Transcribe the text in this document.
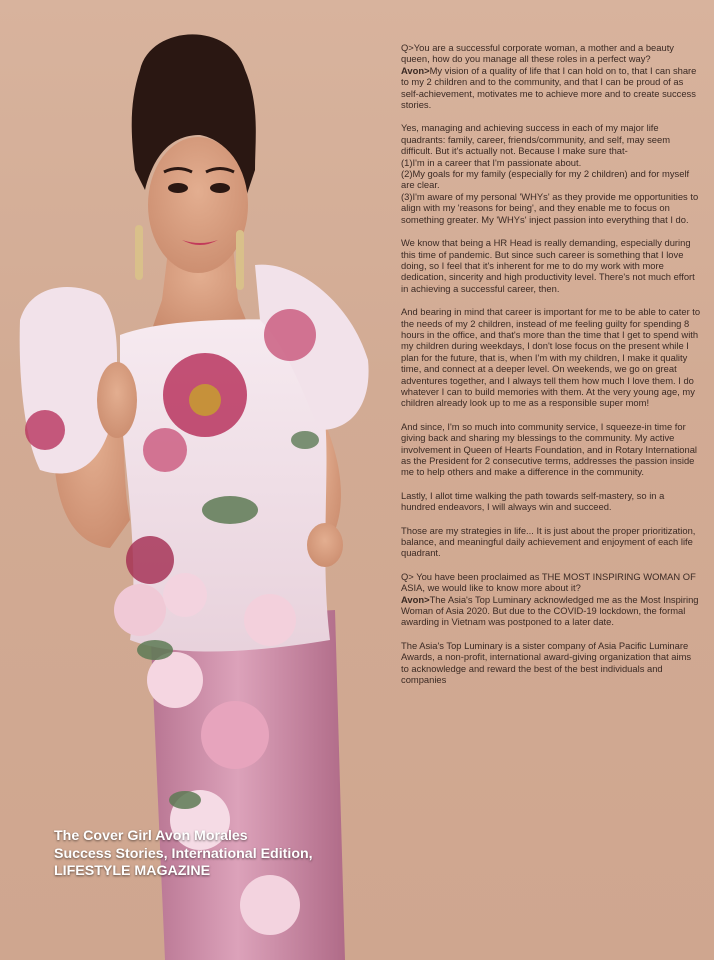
Q>You are a successful corporate woman, a mother and a beauty queen, how do you manage all these roles in a perfect way?

Avon>My vision of a quality of life that I can hold on to, that I can share to my 2 children and to the community, and that I can be proud of as self-achievement, motivates me to achieve more and to create success stories.

Yes, managing and achieving success in each of my major life quadrants: family, career, friends/community, and self, may seem difficult. But it's actually not. Because I make sure that-
(1)I'm in a career that I'm passionate about.
(2)My goals for my family (especially for my 2 children) and for myself are clear.
(3)I'm aware of my personal 'WHYs' as they provide me opportunities to align with my 'reasons for being', and they enable me to focus on something greater. My 'WHYs' inject passion into everything that I do.

We know that being a HR Head is really demanding, especially during this time of pandemic. But since such career is something that I love doing, so I feel that it's inherent for me to do my work with more dedication, sincerity and high productivity level. There's not much effort in achieving a successful career, then.

And bearing in mind that career is important for me to be able to cater to the needs of my 2 children, instead of me feeling guilty for spending 8 hours in the office, and that's more than the time that I get to spend with my children during weekdays, I don't lose focus on the present while I plan for the future, that is, when I'm with my children, I make it quality time, and connect at a deeper level. On weekends, we go on great adventures together, and I always tell them how much I love them. I do whatever I can to build memories with them. At the very young age, my children already look up to me as a responsible super mom!

And since, I'm so much into community service, I squeeze-in time for giving back and sharing my blessings to the community. My active involvement in Queen of Hearts Foundation, and in Rotary International as the President for 2 consecutive terms, addresses the passion inside me to help others and make a difference in the community.

Lastly, I allot time walking the path towards self-mastery, so in a hundred endeavors, I will always win and succeed.

Those are my strategies in life... It is just about the proper prioritization, balance, and meaningful daily achievement and enjoyment of each life quadrant.

Q> You have been proclaimed as THE MOST INSPIRING WOMAN OF ASIA, we would like to know more about it?

Avon>The Asia's Top Luminary acknowledged me as the Most Inspiring Woman of Asia 2020. But due to the COVID-19 lockdown, the formal awarding in Vietnam was postponed to a later date.

The Asia's Top Luminary is a sister company of Asia Pacific Luminare Awards, a non-profit, international award-giving organization that aims to acknowledge and reward the best of the best individuals and companies

The Cover Girl Avon Morales
Success Stories, International Edition,
LIFESTYLE MAGAZINE
